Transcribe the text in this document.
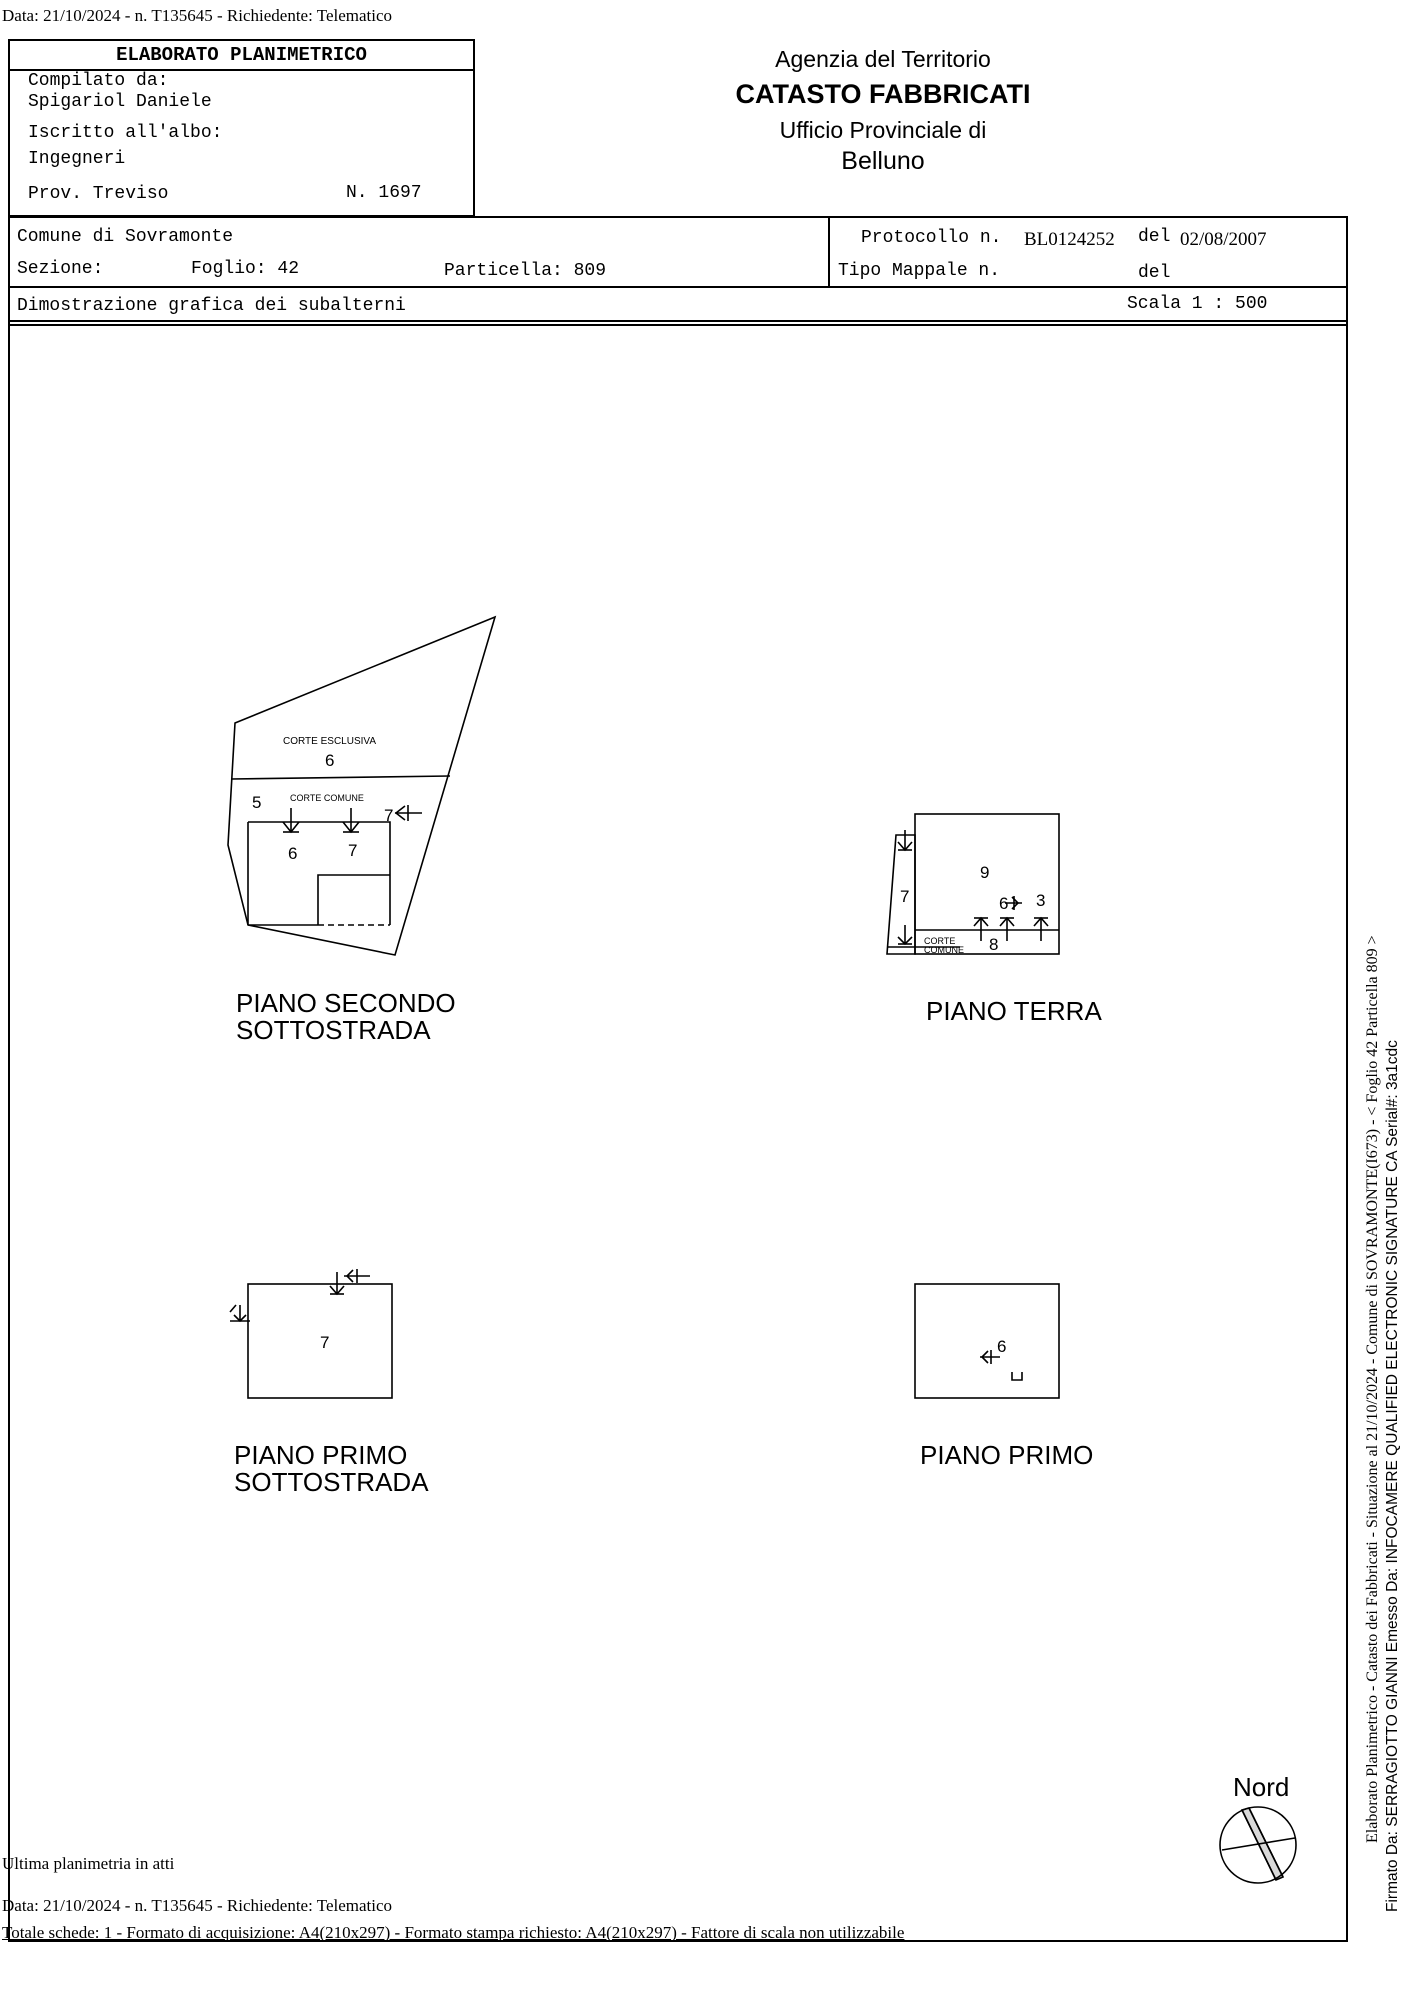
Data: 21/10/2024 - n. T135645 - Richiedente: Telematico
ELABORATO PLANIMETRICO
Compilato da:
Spigariol Daniele
Iscritto all'albo:
Ingegneri
Prov. Treviso	N. 1697
Agenzia del Territorio
CATASTO FABBRICATI
Ufficio Provinciale di
Belluno
Comune di Sovramonte
Sezione:	Foglio: 42	Particella: 809
Protocollo n. BL0124252 del 02/08/2007
Tipo Mappale n.	del
Dimostrazione grafica dei subalterni	Scala 1 : 500
CORTE ESCLUSIVA
6
5	CORTE COMUNE
7
6	7
9
7	6 3
8
CORTE
COMUNE
7	6
PIANO SECONDO
SOTTOSTRADA
PIANO TERRA
PIANO PRIMO
SOTTOSTRADA
PIANO PRIMO
Nord
Ultima planimetria in atti
Data: 21/10/2024 - n. T135645 - Richiedente: Telematico
Totale schede: 1 - Formato di acquisizione: A4(210x297) - Formato stampa richiesto: A4(210x297) - Fattore di scala non utilizzabile
Elaborato Planimetrico - Catasto dei Fabbricati - Situazione al 21/10/2024 - Comune di SOVRAMONTE(I673) - < Foglio 42 Particella 809 > Firmato Da: SERRAGIOTTO GIANNI Emesso Da: INFOCAMERE QUALIFIED ELECTRONIC SIGNATURE CA Serial#: 3a1cdc
